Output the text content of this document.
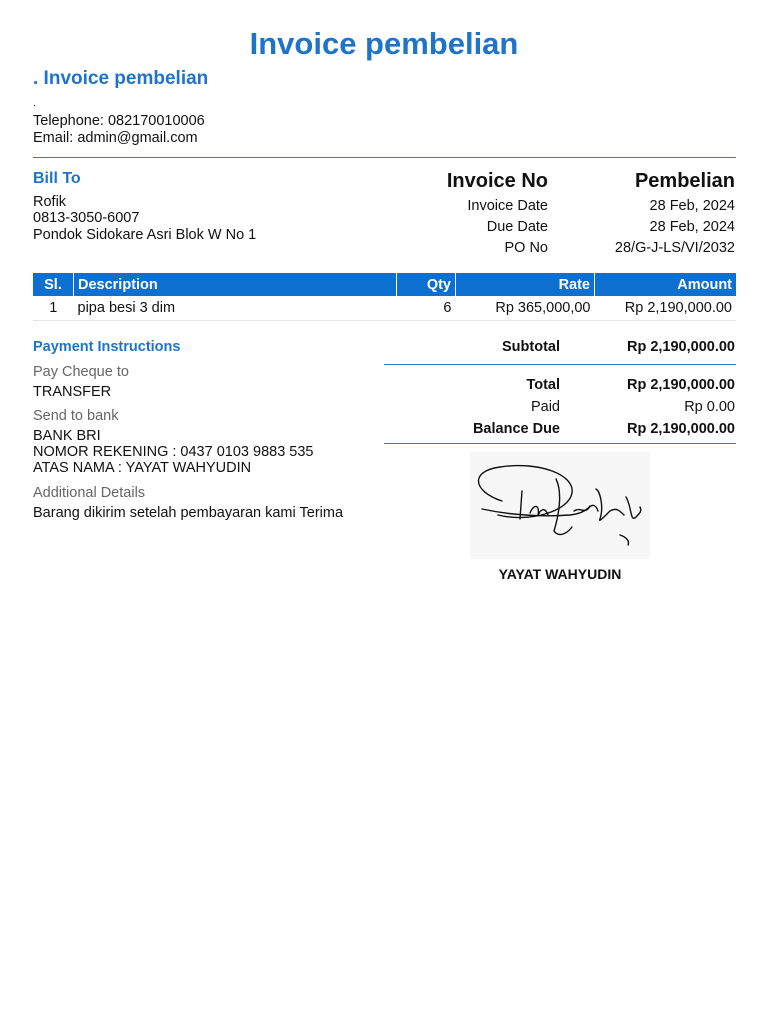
Invoice pembelian
. Invoice pembelian
.
Telephone: 082170010006
Email: admin@gmail.com
Bill To
Rofik
0813-3050-6007
Pondok Sidokare Asri Blok W No 1
Invoice No	Pembelian
Invoice Date	28 Feb, 2024
Due Date	28 Feb, 2024
PO No	28/G-J-LS/VI/2032
Sl.	Description	Qty	Rate	Amount
1	pipa besi 3 dim	6	Rp 365,000,00	Rp 2,190,000.00
Payment Instructions
Pay Cheque to
TRANSFER
Send to bank
BANK BRI
NOMOR REKENING : 0437 0103 9883 535
ATAS NAMA : YAYAT WAHYUDIN
Additional Details
Barang dikirim setelah pembayaran kami Terima
Subtotal	Rp 2,190,000.00
Total	Rp 2,190,000.00
Paid	Rp 0.00
Balance Due	Rp 2,190,000.00
YAYAT WAHYUDIN
